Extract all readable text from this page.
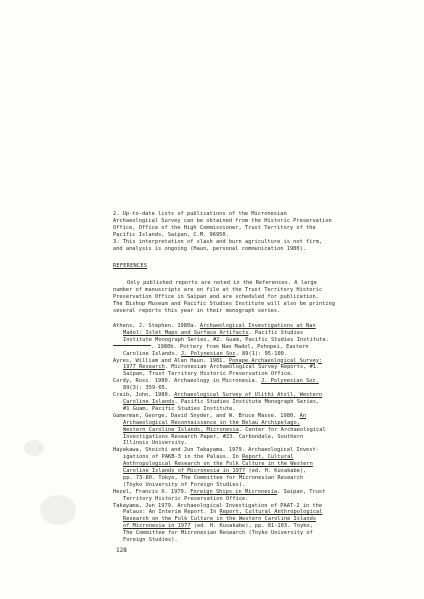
2. Up-to-date lists of publications of the Micronesian
Archaeological Survey can be obtained from the Historic Preservation
Office, Office of the High Commissioner, Trust Territory of the
Pacific Islands, Saipan, C.M. 96950.
3. This interpretation of slash and burn agriculture is not firm,
and analysis is ongoing (Haun, personal communication 1980).
REFERENCES
Only published reports are noted in the References. A large
number of manuscripts are on file at the Trust Territory Historic
Preservation Office in Saipan and are scheduled for publication.
The Bishop Museum and Pacific Studies Institute will also be printing
several reports this year in their monograph series.
Athens, J. Stephen. 1980a. Archaeological Investigations at Nan
Madol: Islet Maps and Surface Artifacts. Pacific Studies
Institute Monograph Series, #2. Guam, Pacific Studies Institute.
. 1980b. Pottery from Nan Madol, Pohnpei, Eastern
Caroline Islands. J. Polynesian Soc. 89(1): 95-100.
Ayres, William and Alan Haun. 1981. Ponape Archaeological Survey:
1977 Research. Micronesian Archaeological Survey Reports, #1.
Saipan, Trust Territory Historic Preservation Office.
Cordy, Ross. 1980. Archaeology in Micronesia. J. Polynesian Soc.
89(3): 359-65.
Craib, John, 1980. Archaeological Survey of Ulithi Atoll, Western
Caroline Islands. Pacific Studies Institute Monograph Series,
#1 Guam, Pacific Studies Institute.
Gumerman, George, David Snyder, and W. Bruce Masse. 1980. An
Archaeological Reconnaissance in the Belau Archipelago,
Western Caroline Islands, Micronesia. Center for Archaeological
Investigations Research Paper, #23. Carbondale, Southern
Illinois University.
Hayakawa, Shoichi and Jun Takayama. 1979. Archaeological Invest-
igations of PAKB-3 in the Palaus. In Report, Cultural
Anthropological Research on the Folk Culture in the Western
Caroline Islands of Micronesia in 1977 (ed. H. Kusakabe),
pp. 73-80. Tokyo, The Committee for Micronesian Research
(Toyko University of Foreign Studies).
Hezel, Francis X. 1979. Foreign Ships in Micronesia. Saipan, Trust
Territory Historic Preservation Office.
Takayama, Jun 1979. Archaeological Investigation of PAAT-2 in the
Palaus: An Interim Report. In Report, Cultural Anthropological
Research on the Folk Culture in the Western Caroline Islands
of Micronesia in 1977 (ed. H. Kusakabe), pp. 81-103. Toyko,
The Committee for Micronesian Research (Toyko University of
Foreign Studies).
128
